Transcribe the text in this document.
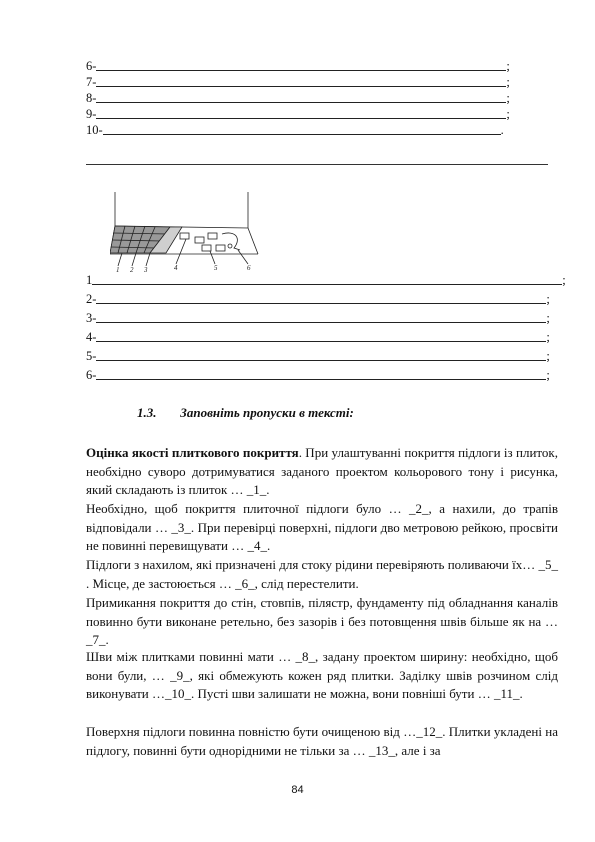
6-	;
7-	;
8-	;
9-	;
10-	.
1 2 3	4	5	6
1	;
2-	;
3-	;
4-	;
5-	;
6-	;
1.3. Заповніть пропуски в тексті:
Оцінка якості плиткового покриття. При улаштуванні покриття підлоги із плиток, необхідно суворо дотримуватися заданого проектом кольорового тону і рисунка, який складають із плиток … _1_.
Необхідно, щоб покриття плиточної підлоги було … _2_, а нахили, до трапів відповідали … _3_. При перевірці поверхні, підлоги дво метровою рейкою, просвіти не повинні перевищувати … _4_.
Підлоги з нахилом, які призначені для стоку рідини перевіряють поливаючи їх… _5_ . Місце, де застоюється … _6_, слід перестелити.
Примикання покриття до стін, стовпів, пілястр, фундаменту під обладнання каналів повинно бути виконане ретельно, без зазорів і без потовщення швів більше як на … _7_.
Шви між плитками повинні мати … _8_, задану проектом ширину: необхідно, щоб вони були, … _9_, які обмежують кожен ряд плитки. Заділку швів розчином слід виконувати …_10_. Пусті шви залишати не можна, вони повніші бути … _11_.
Поверхня підлоги повинна повністю бути очищеною від …_12_. Плитки укладені на підлогу, повинні бути однорідними не тільки за … _13_, але і за
84
